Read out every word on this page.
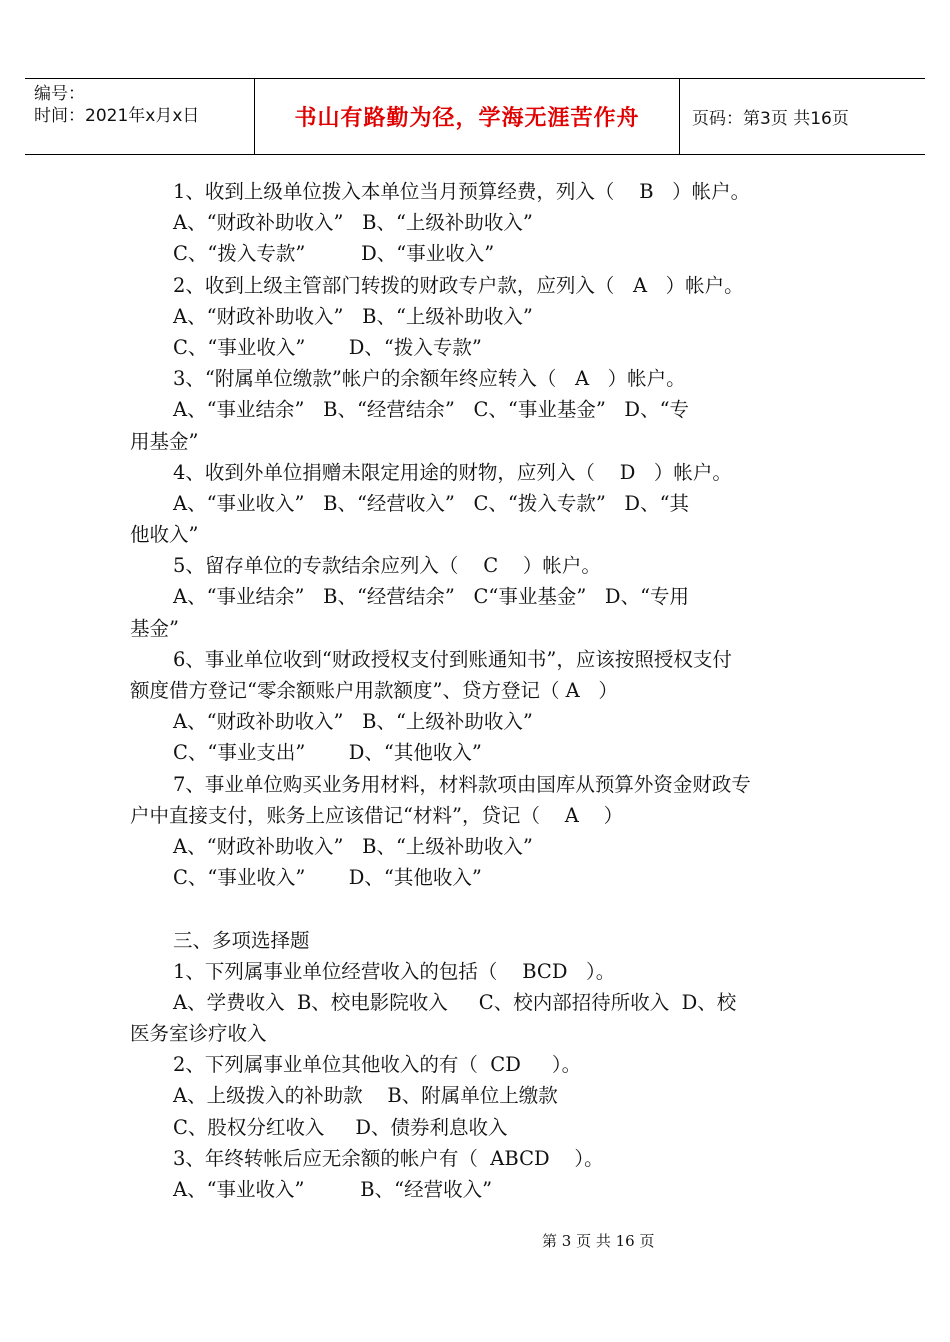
编号：
时间：2021年x月x日	书山有路勤为径，学海无涯苦作舟	页码：第3页 共16页
1、收到上级单位拨入本单位当月预算经费，列入（    B   ）帐户。
A、“财政补助收入”   B、“上级补助收入”
C、“拨入专款”         D、“事业收入”
2、收到上级主管部门转拨的财政专户款，应列入（   A   ）帐户。
A、“财政补助收入”   B、“上级补助收入”
C、“事业收入”       D、“拨入专款”
3、“附属单位缴款”帐户的余额年终应转入（   A   ）帐户。
A、“事业结余”   B、“经营结余”   C、“事业基金”   D、“专
用基金”
4、收到外单位捐赠未限定用途的财物，应列入（    D   ）帐户。
A、“事业收入”   B、“经营收入”   C、“拨入专款”   D、“其
他收入”
5、留存单位的专款结余应列入（    C    ）帐户。
A、“事业结余”   B、“经营结余”   C“事业基金”   D、“专用
基金”
6、事业单位收到“财政授权支付到账通知书”，应该按照授权支付
额度借方登记“零余额账户用款额度”、贷方登记（ A   ）
A、“财政补助收入”   B、“上级补助收入”
C、“事业支出”       D、“其他收入”
7、事业单位购买业务用材料，材料款项由国库从预算外资金财政专
户中直接支付，账务上应该借记“材料”，贷记（    A    ）
A、“财政补助收入”   B、“上级补助收入”
C、“事业收入”       D、“其他收入”
三、多项选择题
1、下列属事业单位经营收入的包括（    BCD   ）。
A、学费收入  B、校电影院收入     C、校内部招待所收入  D、校
医务室诊疗收入
2、下列属事业单位其他收入的有（  CD     ）。
A、上级拨入的补助款    B、附属单位上缴款
C、股权分红收入     D、债券利息收入
3、年终转帐后应无余额的帐户有（  ABCD    ）。
A、“事业收入”         B、“经营收入”
第 3 页 共 16 页
